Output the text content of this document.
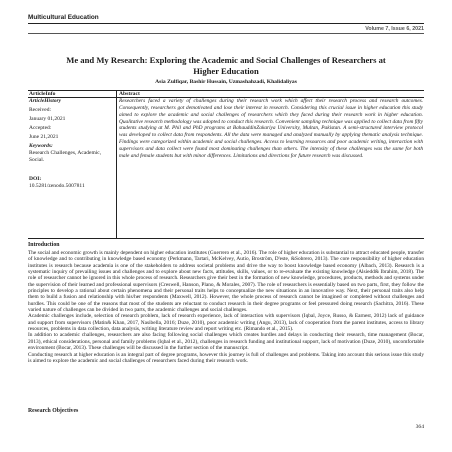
Multicultural Education
Volume 7, Issue 6, 2021
Me and My Research: Exploring the Academic and Social Challenges of Researchers at Higher Education
Asia Zulfiqar, Bashir Hussain, Uzmashahzadi, Khalidaliyas
ArticleInfo	Abstract
ArticleHistory
Received:
January 01,2021
Accepted:
June 21,2021
Keywords:
Research Challenges, Academic, Social.
DOI:
10.5281/zenodo.5007811
Researchers faced a variety of challenges during their research work which affect their research process and research outcomes. Consequently, researchers got demotivated and lose their interest in research. Considering this crucial issue in higher education this study aimed to explore the academic and social challenges of researchers which they faced during their research work in higher education. Qualitative research methodology was adopted to conduct this research. Convenient sampling technique was applied to collect data from fifty students studying at M. Phil and PhD programs at BahauddinZakariya University, Multan, Pakistan. A semi-structured interview protocol was developed to collect data from respondents. All the data were managed and analyzed manually by applying thematic analysis technique. Findings were categorized within academic and social challenges. Access to learning resources and poor academic writing, interaction with supervisors and data collect were found most dominating challenges than others. The intensity of these challenges was the same for both male and female students but with minor differences. Limitations and directions for future research was discussed.
Introduction

The social and economic growth is mainly dependent on higher education institutes (Guerrero et al., 2016). The role of higher education is substantial to attract educated people, transfer of knowledge and to contributing in knowledge based economy (Perkmann, Tartari, McKelvey, Autio, Broström, D'este, &Sobrero, 2013). The core responsibility of higher education institutes is research because academia is one of the stakeholders to address societal problems and drive the way to boost knowledge based economy (Albach, 2013). Research is a systematic inquiry of prevailing issues and challenges and to explore about new facts, attitudes, skills, values, or to re-evaluate the existing knowledge (Alsiedd& Ibrahim, 2018). The role of researcher cannot be ignored in this whole process of research. Researchers give their best in the formation of new knowledge, procedures, products, methods and systems under the supervision of their learned and professional supervisors (Creswell, Hanson, Plano, & Morales, 2007). The role of researchers is essentially based on two parts, first, they follow the principles to develop a rational about certain phenomena and their personal traits helps to conceptualize the new situations in an innovative way. Next, their personal traits also help them to build a fusion and relationship with his/her respondents (Maxwell, 2012). However, the whole process of research cannot be imagined or completed without challenges and hurdles. This could be one of the reasons that most of the students are reluctant to conduct research in their degree programs or feel pressured doing research (Sachitra, 2016). These varied nature of challenges can be divided in two parts, the academic challenges and social challenges.

Academic challenges include, selection of research problem, lack of research experience, lack of interaction with supervisors (Iqbal, Joyce, Russo, & Earnest, 2012) lack of guidance and support from supervisors (Matin& Khan, 2017, Nasibella, 2016; Duze, 2010), poor academic writing (Angu, 2013), lack of cooperation from the parent institutes, access to library resources, problems in data collection, data analysis, writing literature review and report writing etc. (Rimando et al., 2015).

In addition to academic challenges, researchers are also facing following social challenges which creates hurdles and delays in conducting their research, time management (Bocar, 2013), ethical considerations, personal and family problems (Iqbal et al., 2012), challenges in research funding and institutional support, lack of motivation (Duze, 2010), uncomfortable environment (Bocar, 2013). These challenges will be discussed in the further section of the manuscript.

Conducting research at higher education is an integral part of degree programs, however this journey is full of challenges and problems. Taking into account this serious issue this study is aimed to explore the academic and social challenges of researchers faced during their research work.

Research Objectives
364
